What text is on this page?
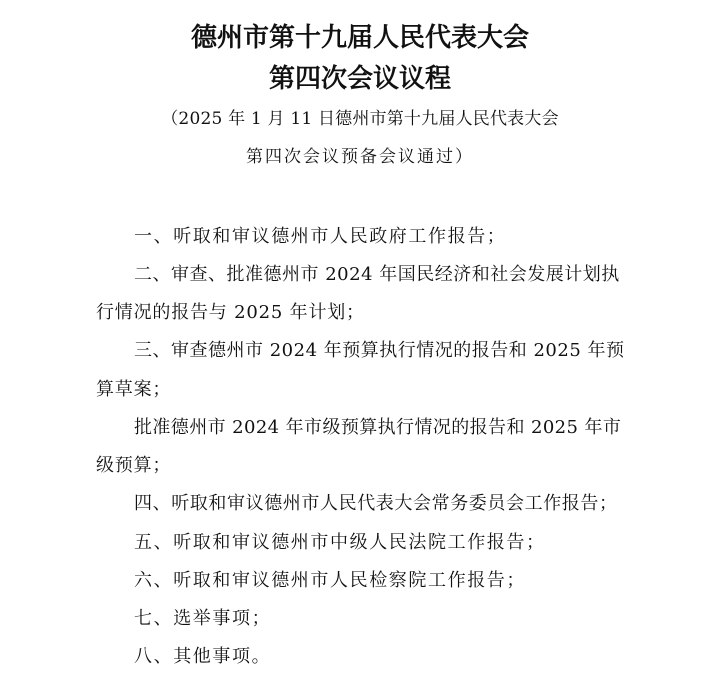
德州市第十九届人民代表大会
第四次会议议程
（2025 年 1 月 11 日德州市第十九届人民代表大会
第四次会议预备会议通过）
一、听取和审议德州市人民政府工作报告；
二、审查、批准德州市 2024 年国民经济和社会发展计划执
行情况的报告与 2025 年计划；
三、审查德州市 2024 年预算执行情况的报告和 2025 年预
算草案；
批准德州市 2024 年市级预算执行情况的报告和 2025 年市
级预算；
四、听取和审议德州市人民代表大会常务委员会工作报告；
五、听取和审议德州市中级人民法院工作报告；
六、听取和审议德州市人民检察院工作报告；
七、选举事项；
八、其他事项。
